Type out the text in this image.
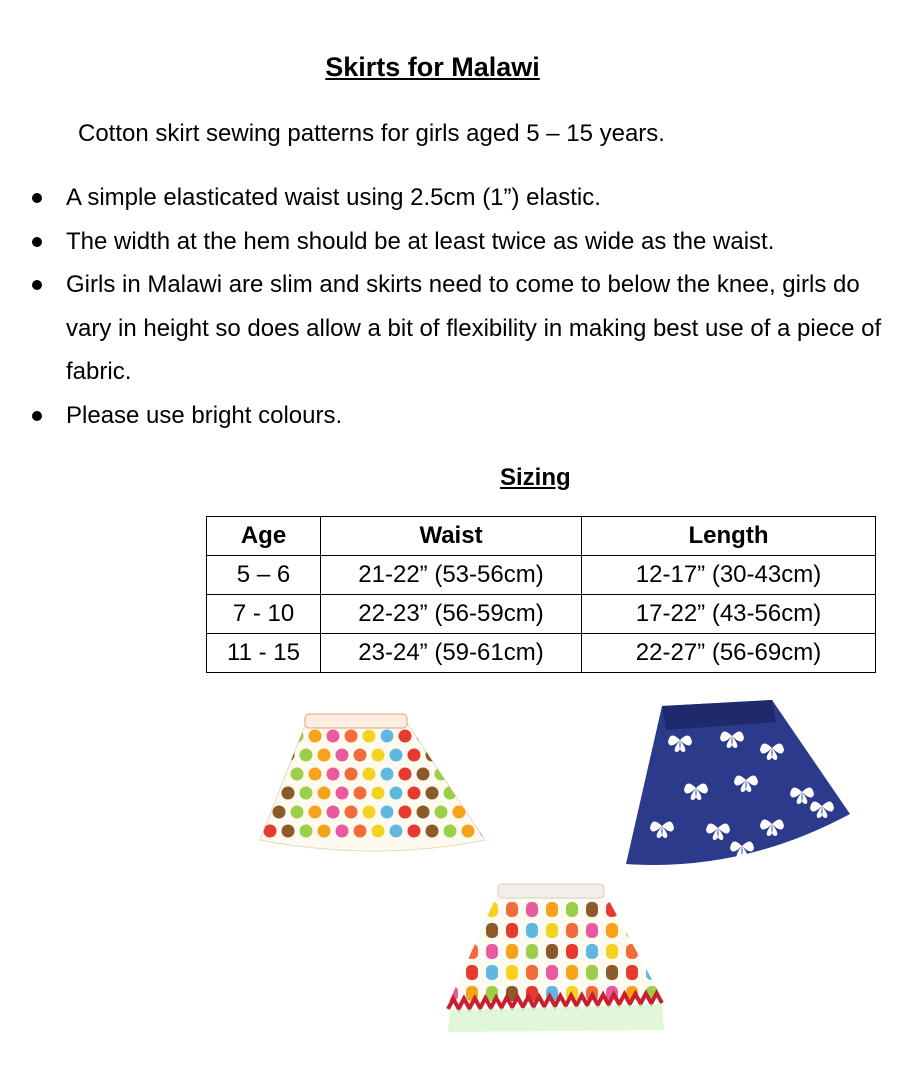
Skirts for Malawi
Cotton skirt sewing patterns for girls aged 5 – 15 years.
A simple elasticated waist using 2.5cm (1”) elastic.
The width at the hem should be at least twice as wide as the waist.
Girls in Malawi are slim and skirts need to come to below the knee, girls do vary in height so does allow a bit of flexibility in making best use of a piece of fabric.
Please use bright colours.
Sizing
Age	Waist	Length
5 – 6	21-22” (53-56cm)	12-17” (30-43cm)
7 - 10	22-23” (56-59cm)	17-22” (43-56cm)
11 - 15	23-24” (59-61cm)	22-27” (56-69cm)
